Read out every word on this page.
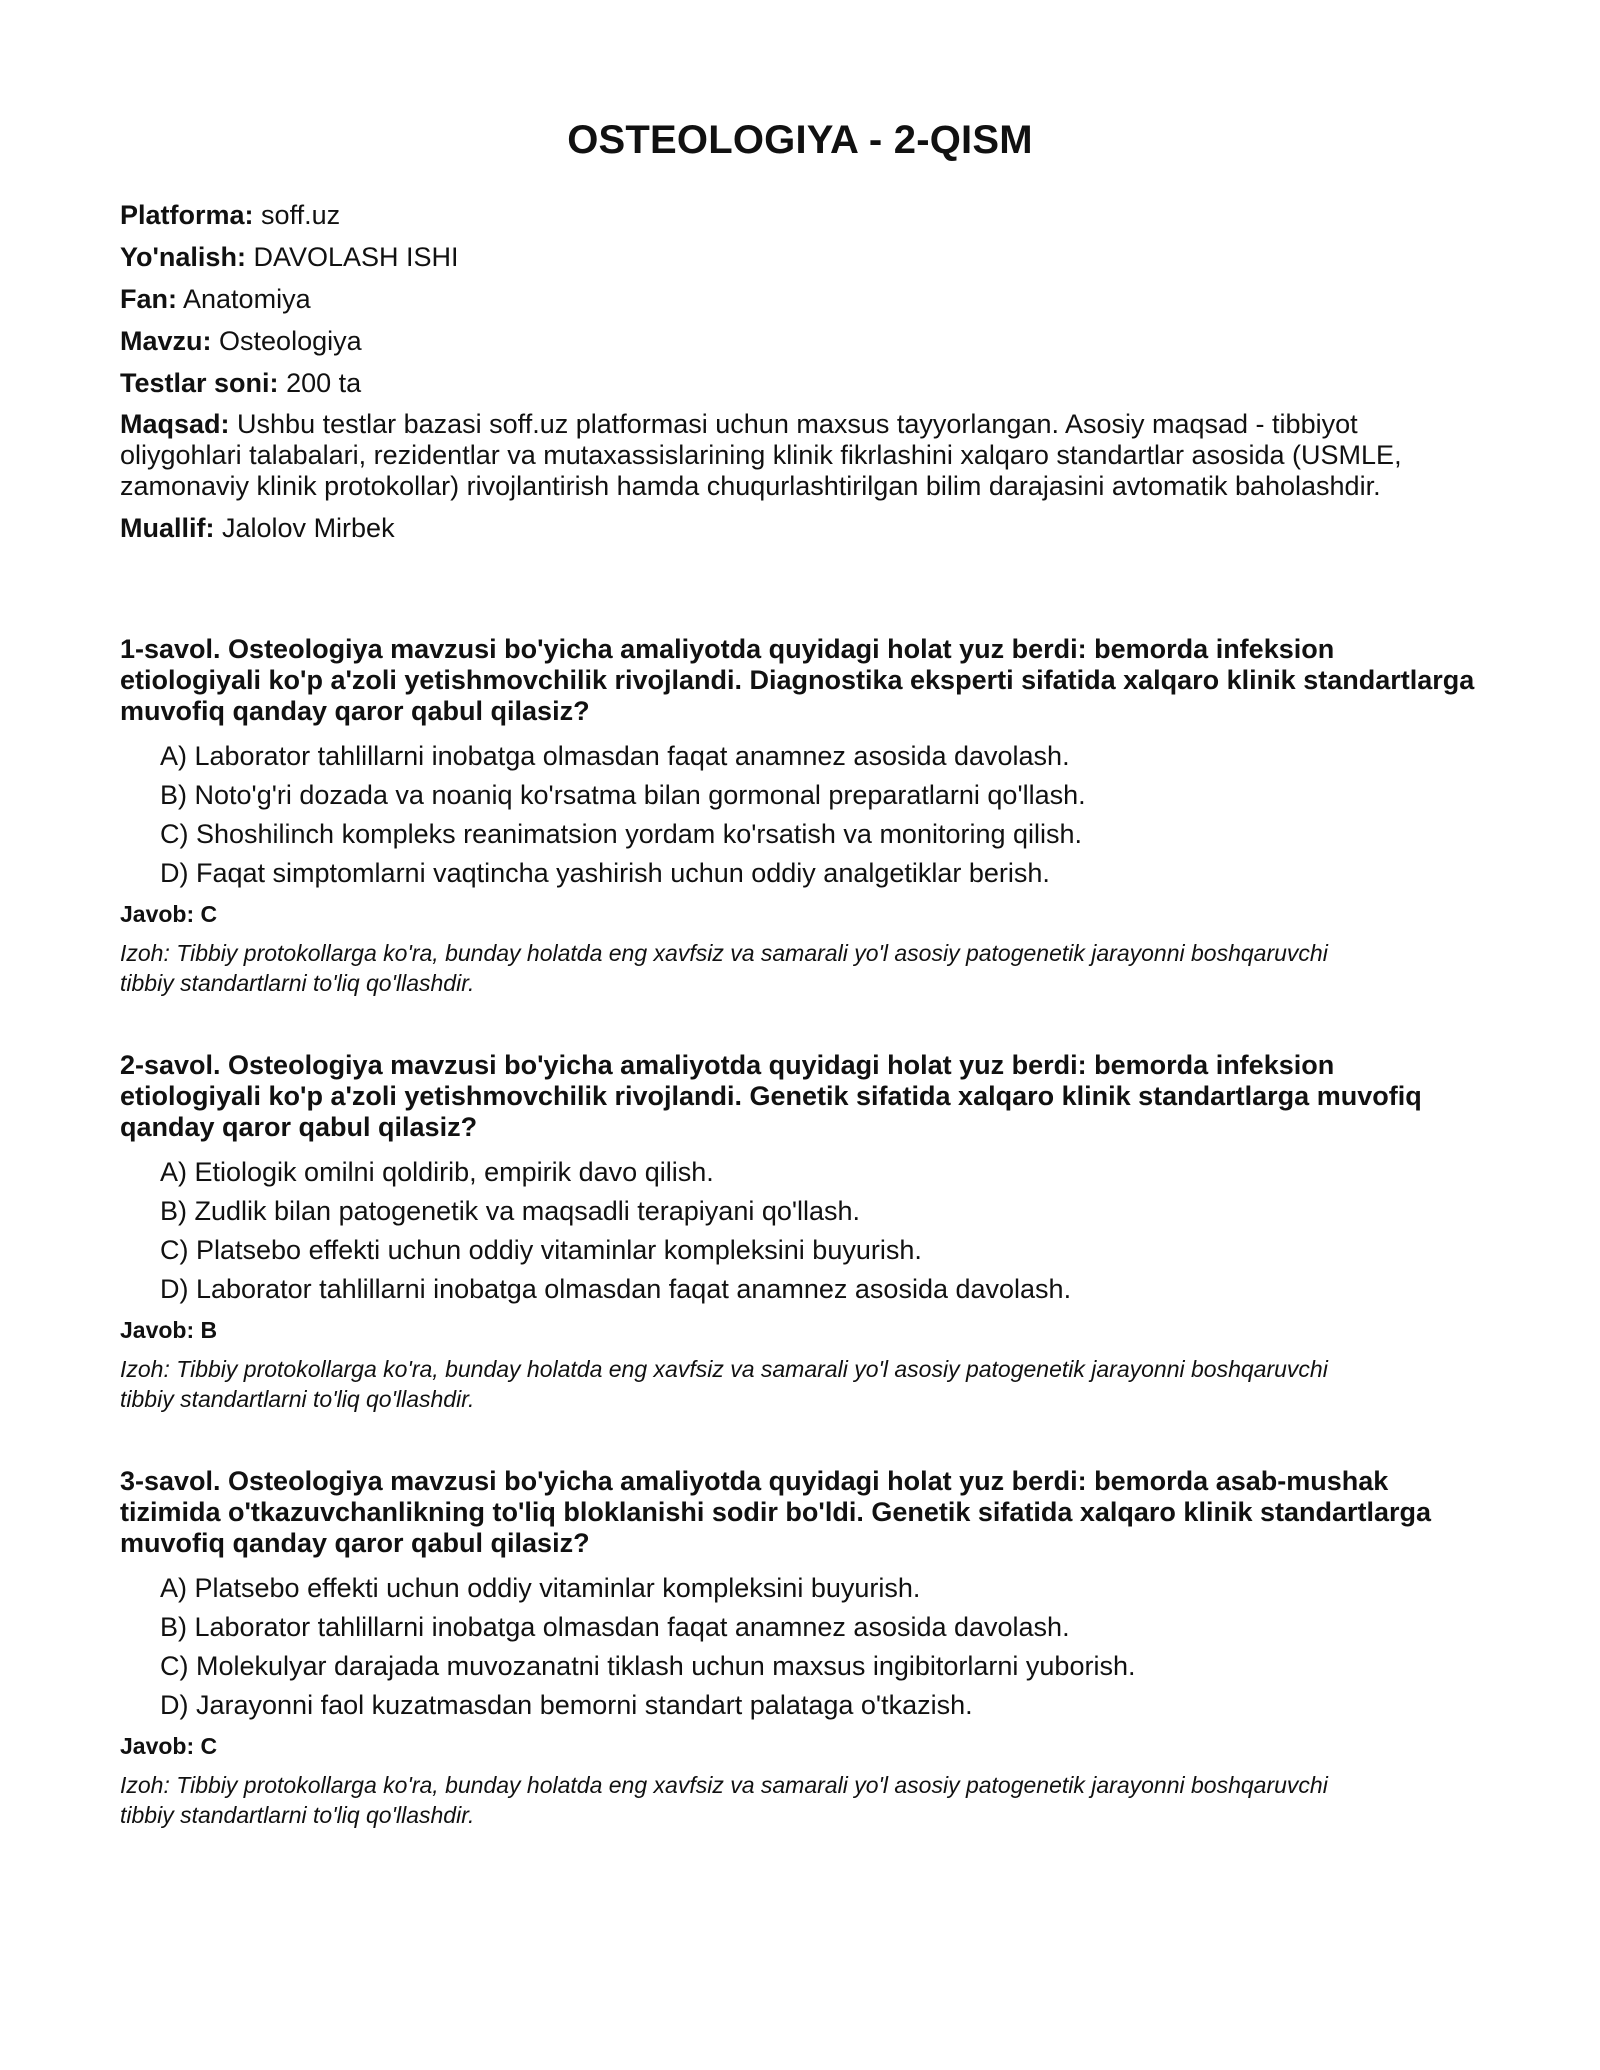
OSTEOLOGIYA - 2-QISM

Platforma: soff.uz

Yo'nalish: DAVOLASH ISHI

Fan: Anatomiya

Mavzu: Osteologiya

Testlar soni: 200 ta

Maqsad: Ushbu testlar bazasi soff.uz platformasi uchun maxsus tayyorlangan. Asosiy maqsad - tibbiyot oliygohlari talabalari, rezidentlar va mutaxassislarining klinik fikrlashini xalqaro standartlar asosida (USMLE, zamonaviy klinik protokollar) rivojlantirish hamda chuqurlashtirilgan bilim darajasini avtomatik baholashdir.

Muallif: Jalolov Mirbek

1-savol. Osteologiya mavzusi bo'yicha amaliyotda quyidagi holat yuz berdi: bemorda infeksion etiologiyali ko'p a'zoli yetishmovchilik rivojlandi. Diagnostika eksperti sifatida xalqaro klinik standartlarga muvofiq qanday qaror qabul qilasiz?

A) Laborator tahlillarni inobatga olmasdan faqat anamnez asosida davolash.
B) Noto'g'ri dozada va noaniq ko'rsatma bilan gormonal preparatlarni qo'llash.
C) Shoshilinch kompleks reanimatsion yordam ko'rsatish va monitoring qilish.
D) Faqat simptomlarni vaqtincha yashirish uchun oddiy analgetiklar berish.

Javob: C

Izoh: Tibbiy protokollarga ko'ra, bunday holatda eng xavfsiz va samarali yo'l asosiy patogenetik jarayonni boshqaruvchi tibbiy standartlarni to'liq qo'llashdir.

2-savol. Osteologiya mavzusi bo'yicha amaliyotda quyidagi holat yuz berdi: bemorda infeksion etiologiyali ko'p a'zoli yetishmovchilik rivojlandi. Genetik sifatida xalqaro klinik standartlarga muvofiq qanday qaror qabul qilasiz?

A) Etiologik omilni qoldirib, empirik davo qilish.
B) Zudlik bilan patogenetik va maqsadli terapiyani qo'llash.
C) Platsebo effekti uchun oddiy vitaminlar kompleksini buyurish.
D) Laborator tahlillarni inobatga olmasdan faqat anamnez asosida davolash.

Javob: B

Izoh: Tibbiy protokollarga ko'ra, bunday holatda eng xavfsiz va samarali yo'l asosiy patogenetik jarayonni boshqaruvchi tibbiy standartlarni to'liq qo'llashdir.

3-savol. Osteologiya mavzusi bo'yicha amaliyotda quyidagi holat yuz berdi: bemorda asab-mushak tizimida o'tkazuvchanlikning to'liq bloklanishi sodir bo'ldi. Genetik sifatida xalqaro klinik standartlarga muvofiq qanday qaror qabul qilasiz?

A) Platsebo effekti uchun oddiy vitaminlar kompleksini buyurish.
B) Laborator tahlillarni inobatga olmasdan faqat anamnez asosida davolash.
C) Molekulyar darajada muvozanatni tiklash uchun maxsus ingibitorlarni yuborish.
D) Jarayonni faol kuzatmasdan bemorni standart palataga o'tkazish.

Javob: C

Izoh: Tibbiy protokollarga ko'ra, bunday holatda eng xavfsiz va samarali yo'l asosiy patogenetik jarayonni boshqaruvchi tibbiy standartlarni to'liq qo'llashdir.
